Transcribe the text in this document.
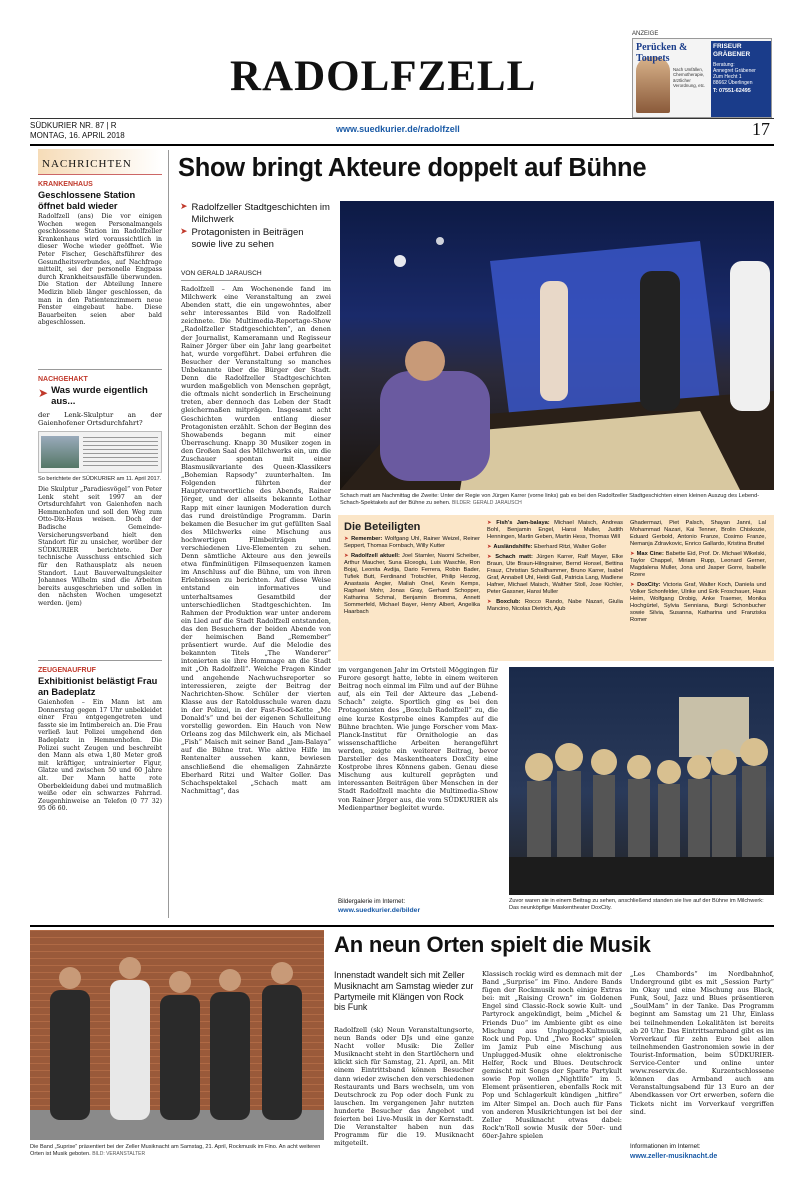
RADOLFZELL
ANZEIGE
Perücken & Toupets
Nach Umfällen, Chemotherapie, ärztlicher Verordnung, etc.
FRISEUR GRÄBENER
Beratung:
Annegret Gräbener
Zum Hecht 1
88662 Überlingen
T: 07551-62495
SÜDKURIER NR. 87 | R
MONTAG, 16. APRIL 2018
www.suedkurier.de/radolfzell	17
NACHRICHTEN
KRANKENHAUS
Geschlossene Station öffnet bald wieder
Radolfzell (ans) Die vor einigen Wochen wegen Personalmangels geschlossene Station im Radolfzeller Krankenhaus wird voraussichtlich in dieser Woche wieder geöffnet. Wie Peter Fischer, Geschäftsführer des Gesundheitsverbundes, auf Nachfrage mitteilt, sei der personelle Engpass durch Krankheitsausfälle überwunden. Die Station der Abteilung Innere Medizin blieb länger geschlossen, da man in den Patientenzimmern neue Fenster eingebaut habe. Diese Bauarbeiten seien aber bald abgeschlossen.
NACHGEHAKT
➤ Was wurde eigentlich aus...
der Lenk-Skulptur an der Gaienhofener Ortsdurchfahrt?
So berichtete der SÜDKURIER am 11. April 2017.
Die Skulptur „Paradiesvögel“ von Peter Lenk steht seit 1997 an der Ortsdurchfahrt von Gaienhofen nach Hemmenhofen und soll den Weg zum Otto-Dix-Haus weisen. Doch der Badische Gemeinde-Versicherungsverband hielt den Standort für zu unsicher, worüber der SÜDKURIER berichtete. Der technische Ausschuss entschied sich für den Rathausplatz als neuen Standort. Laut Bauverwaltungsleiter Johannes Wilhelm sind die Arbeiten bereits ausgeschrieben und sollen in den nächsten Wochen umgesetzt werden. (jem)
ZEUGENAUFRUF
Exhibitionist belästigt Frau an Badeplatz
Gaienhofen – Ein Mann ist am Donnerstag gegen 17 Uhr unbekleidet einer Frau entgegengetreten und fasste sie im Intimbereich an. Die Frau verließ laut Polizei umgehend den Badeplatz in Hemmenhofen. Die Polizei sucht Zeugen und beschreibt den Mann als etwa 1,80 Meter groß mit kräftiger, untrainierter Figur, Glatze und zwischen 50 und 60 Jahre alt. Der Mann hatte rote Oberbekleidung dabei und mutmaßlich weiße oder ein schwarzes Fahrrad. Zeugenhinweise an Telefon (0 77 32) 95 06 60.
Show bringt Akteure doppelt auf Bühne
➤ Radolfzeller Stadtgeschichten im Milchwerk
➤ Protagonisten in Beiträgen sowie live zu sehen
VON GERALD JARAUSCH
Schach matt am Nachmittag die Zweite: Unter der Regie von Jürgen Karrer (vorne links) gab es bei den Radolfzeller Stadtgeschichten einen kleinen Auszug des Lebend-Schach-Spektakels auf der Bühne zu sehen. BILDER: GERALD JARAUSCH
Radolfzell – Am Wochenende fand im Milchwerk eine Veranstaltung an zwei Abenden statt, die ein ungewohntes, aber sehr interessantes Bild von Radolfzell zeichnete. Die Multimedia-Reportage-Show „Radolfzeller Stadtgeschichten“, an denen der Journalist, Kameramann und Regisseur Rainer Jörger über ein Jahr lang gearbeitet hat, wurde vorgeführt. Dabei erfuhren die Besucher der Veranstaltung so manches Unbekannte über die Bürger der Stadt. Denn die Radolfzeller Stadtgeschichten wurden maßgeblich von Menschen geprägt, die oftmals nicht sonderlich in Erscheinung treten, aber dennoch das Leben der Stadt gleichermaßen mitprägen. Insgesamt acht Geschichten wurden entlang dieser Protagonisten erzählt. Schon der Beginn des Showabends begann mit einer Überraschung. Knapp 30 Musiker zogen in den Großen Saal des Milchwerks ein, um die Zuschauer spontan mit einer Blasmusikvariante des Queen-Klassikers „Bohemian Rapsody“ zuunterhalten. Im Folgenden führten der Hauptverantwortliche des Abends, Rainer Jörger, und der allseits bekannte Lothar Rapp mit einer launigen Moderation durch das rund dreistündige Programm. Darin bekamen die Besucher im gut gefüllten Saal des Milchwerks eine Mischung aus hochwertigen Filmbeiträgen und verschiedenen Live-Elementen zu sehen. Denn sämtliche Akteure aus den jeweils etwa fünfminütigen Filmsequenzen kamen im Anschluss auf die Bühne, um von ihren Erlebnissen zu berichten. Auf diese Weise entstand ein informatives und unterhaltsames Gesamtbild der unterschiedlichen Stadtgeschichten. Im Rahmen der Produktion war unter anderem ein Lied auf die Stadt Radolfzell entstanden, das den Besuchern der beiden Abende von der heimischen Band „Remember“ präsentiert wurde. Auf die Melodie des bekannten Titels „The Wanderer“ intonierten sie ihre Hommage an die Stadt mit „Oh Radolfzell“. Welche Fragen Kinder und angehende Nachwuchsreporter so interessieren, zeigte der Beitrag der Nachrichten-Show. Schüler der vierten Klasse aus der Ratoldusschule waren dazu in der Polizei, in der Fast-Food-Kette „Mc Donald's“ und bei der eigenen Schulleitung vorstellig geworden. Ein Hauch von New Orleans zog das Milchwerk ein, als Michael „Fish“ Maisch mit seiner Band „Jam-Balaya“ auf die Bühne trat. Wie aktive Hilfe im Rentenalter aussehen kann, bewiesen anschließend die ehemaligen Zahnärzte Eberhard Ritzi und Walter Goller. Das Schachspektakel „Schach matt am Nachmittag“, das
Die Beteiligten
➤ Remember: Wolfgang Uhl, Rainer Weizel, Reiner Seppert, Thomas Fornbach, Willy Kutter
➤ Radolfzell aktuell: Joel Stamler, Naomi Scheiber, Arthur Maucher, Suna Elceoglu, Luis Waschle, Ron Bojaj, Leonita Avdija, Dario Ferrera, Robin Bader, Tufiek Butt, Ferdinand Trotschler, Philip Herzog, Anastasia Angier, Maliah Onel, Kevin Kemps, Raphael Mohr, Jonas Gray, Gerhard Schopper, Katharina Schmal, Benjamin Bromma, Annett Sommerfeld, Michael Bayer, Henry Albert, Angelika Haarbach
➤ Fish's Jam-balaya: Michael Maisch, Andreas Bohl, Benjamin Engel, Hansi Muller, Judith Henningen, Martin Geben, Martin Hess, Thomas Will
➤ Ausländshilfe: Eberhard Ritzi, Walter Goller
➤ Schach matt: Jürgen Karrer, Ralf Mayer, Elke Braun, Ute Braun-Hilngrainer, Bernd Honsel, Bettina Frauz, Christian Schallhammer, Bruno Karrer, Isabel Graf, Annabell Uhl, Heidi Gall, Patricia Lang, Madlene Hafner, Michael Maisch, Walther Stoll, Jose Kichler, Peter Gassner, Hansi Muller
➤ Boxclub: Rocco Rando, Nabe Nazari, Giulia Mancino, Nicolas Dietrich, Ajub
Ghadermazi, Piet Palsch, Shayan Janni, Lal Mohammad Nazari, Kai Tenner, Brolin Chiskozie, Eduard Gerbold, Antonio Franze, Cosimo Franze, Nemanja Zdravkovic, Enrico Gallardo, Kristina Bruttel
➤ Max Cine: Babette Eid, Prof. Dr. Michael Wikelski, Taylor Chappel, Miriam Rupp, Leonard Gerner, Magdalena Muller, Jona und Jasper Gorre, Isabelle Rzere
➤ DoxCity: Victoria Graf, Walter Koch, Daniela und Volker Schonfelder, Ulrike und Erik Froschauer, Haus Heim, Wolfgang Drobig, Anke Traemer, Monika Hochgürtel, Sylvia Senniana, Burgi Schonbucher sowie Silvia, Susanna, Katharina und Franziska Romer
im vergangenen Jahr im Ortsteil Möggingen für Furore gesorgt hatte, lebte in einem weiteren Beitrag noch einmal im Film und auf der Bühne auf, als ein Teil der Akteure das „Lebend-Schach“ zeigte. Sportlich ging es bei den Protagonisten des „Boxclub Radolfzell“ zu, die eine kurze Kostprobe eines Kampfes auf die Bühne brachten. Wie junge Forscher vom Max-Planck-Institut für Ornithologie an das wissenschaftliche Arbeiten herangeführt werden, zeigte ein weiterer Beitrag, bevor Darsteller des Maskentheaters DoxCity eine Kostprobe ihres Könnens gaben. Genau diese Mischung aus kulturell geprägten und interessanten Beiträgen über Menschen in der Stadt Radolfzell machte die Multimedia-Show von Rainer Jörger aus, die vom SÜDKURIER als Medienpartner begleitet wurde.
Bildergalerie im Internet:
www.suedkurier.de/bilder
Zuvor waren sie in einem Beitrag zu sehen, anschließend standen sie live auf der Bühne im Milchwerk: Das neunköpfige Maskentheater DoxCity.
Die Band „Suprise“ präsentiert bei der Zeller Musiknacht am Samstag, 21. April, Rockmusik im Fino. An acht weiteren Orten ist Musik geboten. BILD: VERANSTALTER
An neun Orten spielt die Musik
Innenstadt wandelt sich mit Zeller Musiknacht am Samstag wieder zur Partymeile mit Klängen von Rock bis Funk
Radolfzell (sk) Neun Veranstaltungsorte, neun Bands oder DJs und eine ganze Nacht voller Musik: Die Zeller Musiknacht steht in den Startlöchern und klickt sich für Samstag, 21. April, an. Mit einem Eintrittsband können Besucher dann wieder zwischen den verschiedenen Restaurants und Bars wechseln, um von Deutschrock zu Pop oder doch Funk zu lauschen. Im vergangenen Jahr nutzten hunderte Besucher das Angebot und feierten bei Live-Musik in der Kernstadt. Die Veranstalter haben nun das Programm für die 19. Musiknacht mitgeteilt.
Klassisch rockig wird es demnach mit der Band „Surprise“ im Fino. Andere Bands fügen der Rockmusik noch einige Extras bei: mit „Raising Crown“ im Goldenen Engel sind Classic-Rock sowie Kult- und Partyrock angekündigt, beim „Michel & Friends Duo“ im Ambiente gibt es eine Mischung aus Unplugged-Kultmusik, Rock und Pop. Und „Two Rocks“ spielen im Jamiz Pub eine Mischung aus Unplugged-Musik ohne elektronische Helfer, Rock und Blues. Deutschrock gemischt mit Songs der Sparte Partykult sowie Pop wollen „Nightlife“ im 5. Element präsentieren, ebenfalls Rock mit Pop und Schlagerkult kündigen „hitfire“ im Alter Simpel an. Doch auch für Fans von anderen Musikrichtungen ist bei der Zeller Musiknacht etwas dabei: Rock'n'Roll sowie Musik der 50er- und 60er-Jahre spielen
„Les Chambords“ im Nordbahnhof, Underground gibt es mit „Session Party“ im Okay und eine Mischung aus Black, Funk, Soul, Jazz und Blues präsentieren „SoulMam“ in der Tanke. Das Programm beginnt am Samstag um 21 Uhr, Einlass bei teilnehmenden Lokalitäten ist bereits ab 20 Uhr. Das Eintrittsarmband gibt es im Vorverkauf für zehn Euro bei allen teilnehmenden Gastronomien sowie in der Tourist-Information, beim SÜDKURIER-Service-Center und online unter www.reservix.de. Kurzentschlossene können das Armband auch am Veranstaltungsabend für 13 Euro an der Abendkassen vor Ort erwerben, sofern die Tickets nicht im Vorverkauf vergriffen sind.
Informationen im Internet:
www.zeller-musiknacht.de
